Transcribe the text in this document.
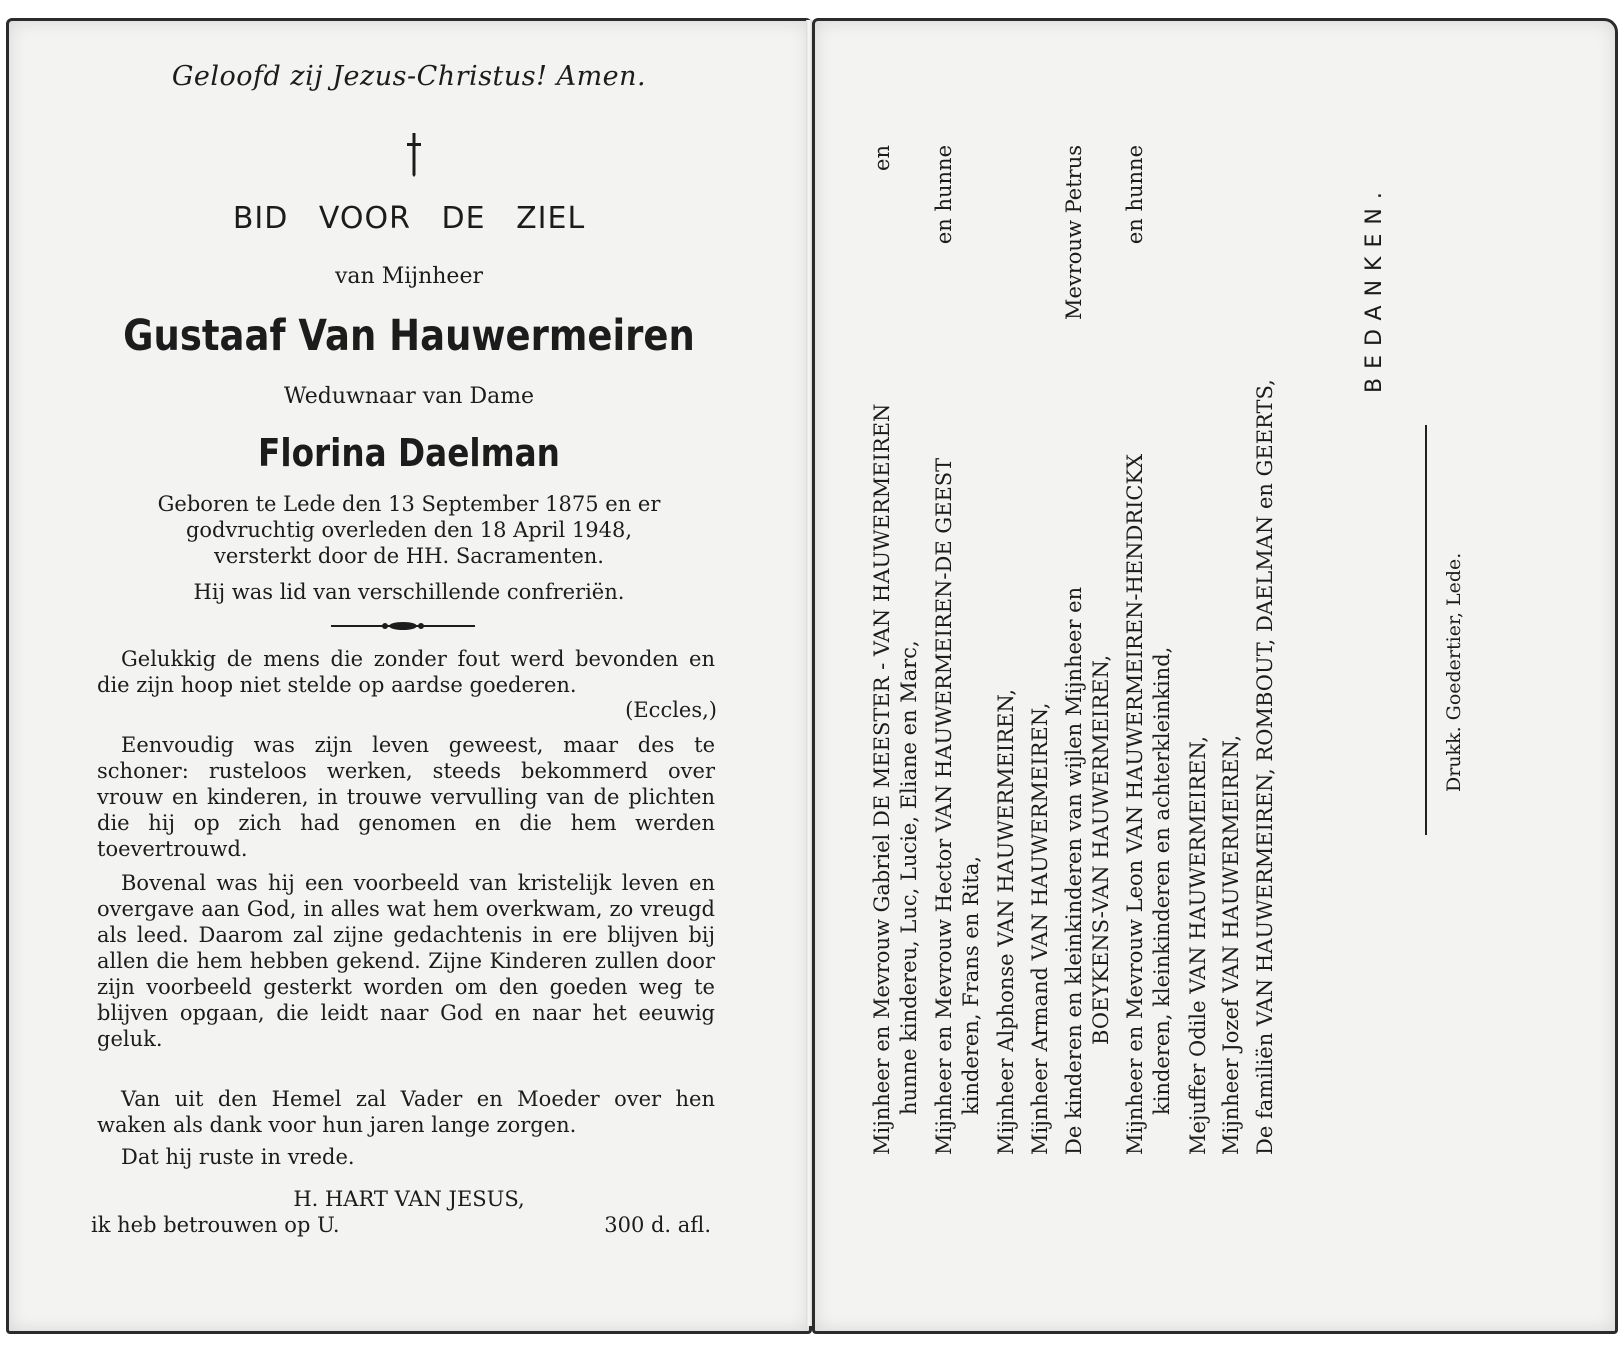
Geloofd zij Jezus-Christus! Amen.
BID VOOR DE ZIEL
van Mijnheer
Gustaaf Van Hauwermeiren
Weduwnaar van Dame
Florina Daelman
Geboren te Lede den 13 September 1875 en er
godvruchtig overleden den 18 April 1948,
versterkt door de HH. Sacramenten.
Hij was lid van verschillende confreriën.

Gelukkig de mens die zonder fout werd bevonden en die zijn hoop niet stelde op aardse goederen.

(Eccles,)

Eenvoudig was zijn leven geweest, maar des te schoner: rusteloos werken, steeds bekommerd over vrouw en kinderen, in trouwe vervulling van de plichten die hij op zich had genomen en die hem werden toevertrouwd.

Bovenal was hij een voorbeeld van kristelijk leven en overgave aan God, in alles wat hem overkwam, zo vreugd als leed. Daarom zal zijne gedachtenis in ere blijven bij allen die hem hebben gekend. Zijne Kinderen zullen door zijn voorbeeld gesterkt worden om den goeden weg te blijven opgaan, die leidt naar God en naar het eeuwig geluk.

Van uit den Hemel zal Vader en Moeder over hen waken als dank voor hun jaren lange zorgen.

Dat hij ruste in vrede.

H. HART VAN JESUS,
ik heb betrouwen op U.	300 d. afl.
Mijnheer en Mevrouw Gabriel DE MEESTER - VAN HAUWERMEIREN
en
hunne kindereu, Luc, Lucie, Eliane en Marc, Mijnheer en Mevrouw Hector VAN HAUWERMEIREN-DE GEEST
en hunne
kinderen, Frans en Rita, Mijnheer Alphonse VAN HAUWERMEIREN, Mijnheer Armand VAN HAUWERMEIREN, De kinderen en kleinkinderen van wijlen Mijnheer en
Mevrouw Petrus
BOEYKENS-VAN HAUWERMEIREN, Mijnheer en Mevrouw Leon VAN HAUWERMEIREN-HENDRICKX
en hunne
kinderen, kleinkinderen en achterkleinkind, Mejuffer Odile VAN HAUWERMEIREN, Mijnheer Jozef VAN HAUWERMEIREN, De familiën VAN HAUWERMEIREN, ROMBOUT, DAELMAN en GEERTS,
BEDANKEN.
Drukk. Goedertier, Lede.
